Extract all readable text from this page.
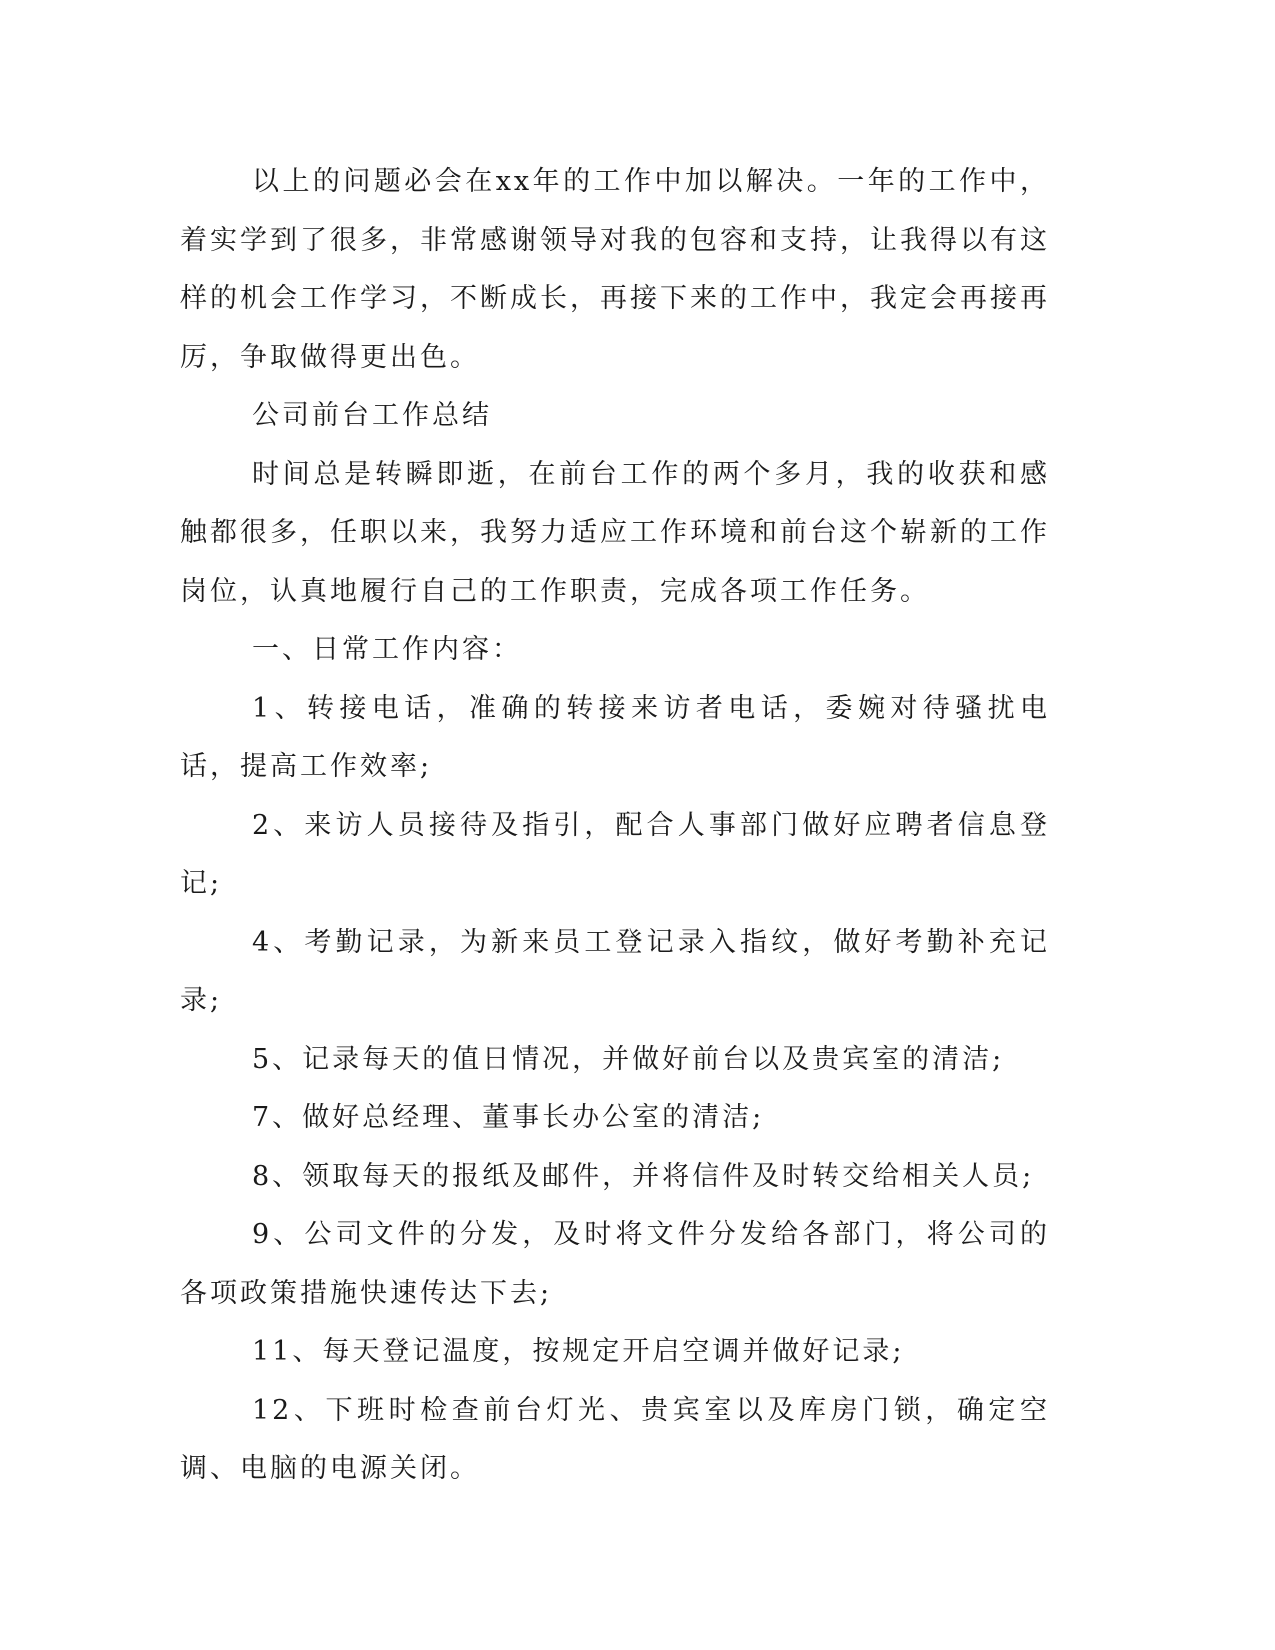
以上的问题必会在xx年的工作中加以解决。一年的工作中，着实学到了很多，非常感谢领导对我的包容和支持，让我得以有这样的机会工作学习，不断成长，再接下来的工作中，我定会再接再厉，争取做得更出色。

公司前台工作总结

时间总是转瞬即逝，在前台工作的两个多月，我的收获和感触都很多，任职以来，我努力适应工作环境和前台这个崭新的工作岗位，认真地履行自己的工作职责，完成各项工作任务。

一、日常工作内容：

1、转接电话，准确的转接来访者电话，委婉对待骚扰电话，提高工作效率;

2、来访人员接待及指引，配合人事部门做好应聘者信息登记;

4、考勤记录，为新来员工登记录入指纹，做好考勤补充记录;

5、记录每天的值日情况，并做好前台以及贵宾室的清洁;

7、做好总经理、董事长办公室的清洁;

8、领取每天的报纸及邮件，并将信件及时转交给相关人员;

9、公司文件的分发，及时将文件分发给各部门，将公司的各项政策措施快速传达下去;

11、每天登记温度，按规定开启空调并做好记录;

12、下班时检查前台灯光、贵宾室以及库房门锁，确定空调、电脑的电源关闭。
